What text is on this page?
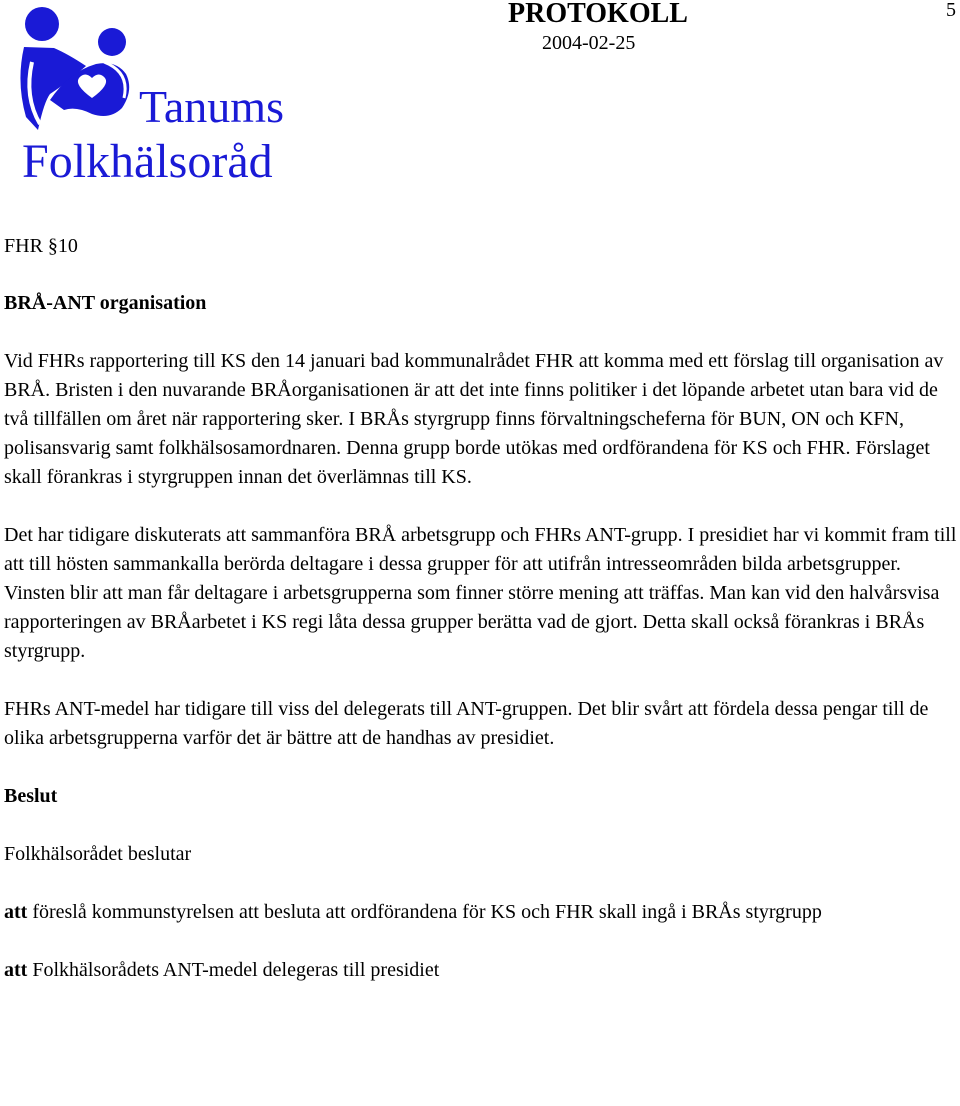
Tanums
Folkhälsoråd
PROTOKOLL
2004-02-25
5

FHR §10

BRÅ-ANT organisation

Vid FHRs rapportering till KS den 14 januari bad kommunalrådet FHR att komma med ett förslag till organisation av BRÅ. Bristen i den nuvarande BRÅorganisationen är att det inte finns politiker i det löpande arbetet utan bara vid de två tillfällen om året när rapportering sker. I BRÅs styrgrupp finns förvaltningscheferna för BUN, ON och KFN, polisansvarig samt folkhälsosamordnaren. Denna grupp borde utökas med ordförandena för KS och FHR. Förslaget skall förankras i styrgruppen innan det överlämnas till KS.

Det har tidigare diskuterats att sammanföra BRÅ arbetsgrupp och FHRs ANT-grupp. I presidiet har vi kommit fram till att till hösten sammankalla berörda deltagare i dessa grupper för att utifrån intresseområden bilda arbetsgrupper. Vinsten blir att man får deltagare i arbetsgrupperna som finner större mening att träffas. Man kan vid den halvårsvisa rapporteringen av BRÅarbetet i KS regi låta dessa grupper berätta vad de gjort. Detta skall också förankras i BRÅs styrgrupp.

FHRs ANT-medel har tidigare till viss del delegerats till ANT-gruppen. Det blir svårt att fördela dessa pengar till de olika arbetsgrupperna varför det är bättre att de handhas av presidiet.

Beslut

Folkhälsorådet beslutar

att föreslå kommunstyrelsen att besluta att ordförandena för KS och FHR skall ingå i BRÅs styrgrupp

att Folkhälsorådets ANT-medel delegeras till presidiet
